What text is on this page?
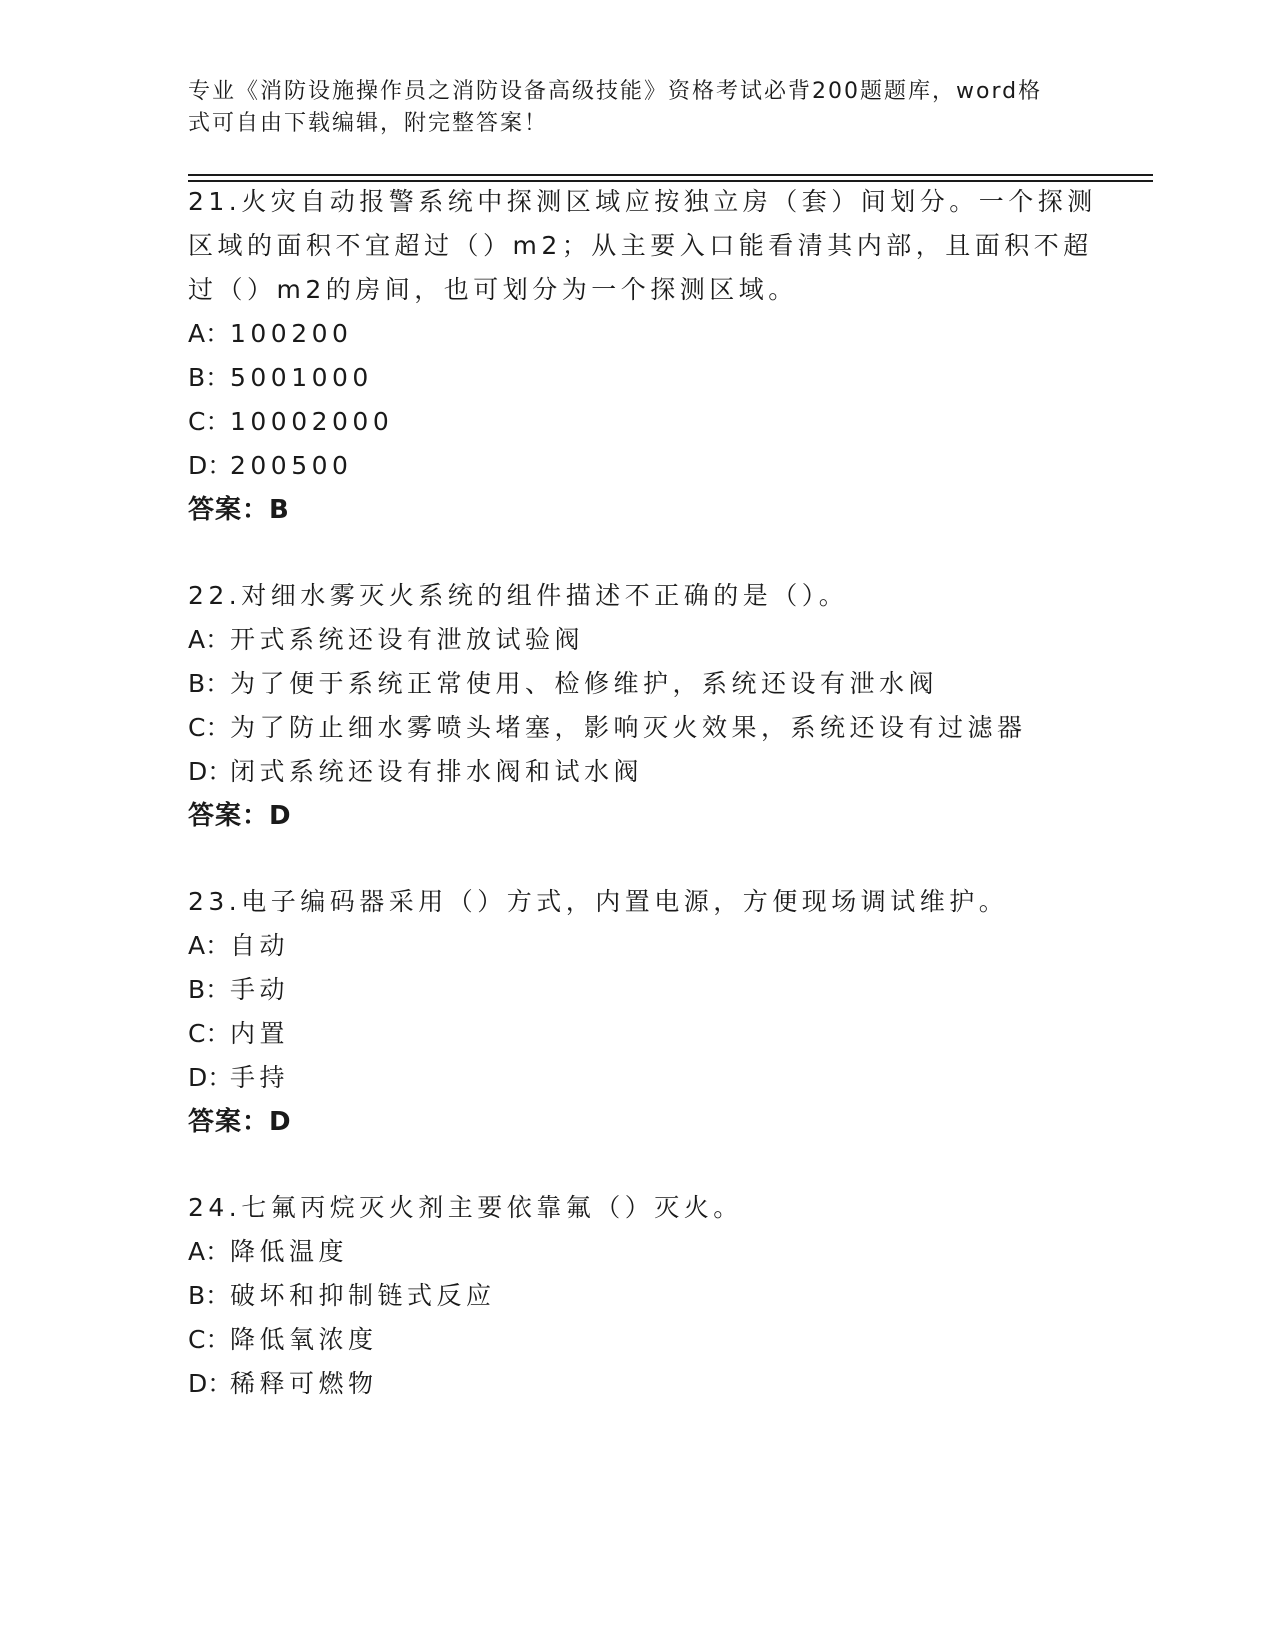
专业《消防设施操作员之消防设备高级技能》资格考试必背200题题库，word格
式可自由下载编辑，附完整答案！
21.火灾自动报警系统中探测区域应按独立房（套）间划分。一个探测
区域的面积不宜超过（）m2；从主要入口能看清其内部，且面积不超
过（）m2的房间，也可划分为一个探测区域。
A：100200
B：5001000
C：10002000
D：200500
答案：B
22.对细水雾灭火系统的组件描述不正确的是（）。
A：开式系统还设有泄放试验阀
B：为了便于系统正常使用、检修维护，系统还设有泄水阀
C：为了防止细水雾喷头堵塞，影响灭火效果，系统还设有过滤器
D：闭式系统还设有排水阀和试水阀
答案：D
23.电子编码器采用（）方式，内置电源，方便现场调试维护。
A：自动
B：手动
C：内置
D：手持
答案：D
24.七氟丙烷灭火剂主要依靠氟（）灭火。
A：降低温度
B：破坏和抑制链式反应
C：降低氧浓度
D：稀释可燃物
